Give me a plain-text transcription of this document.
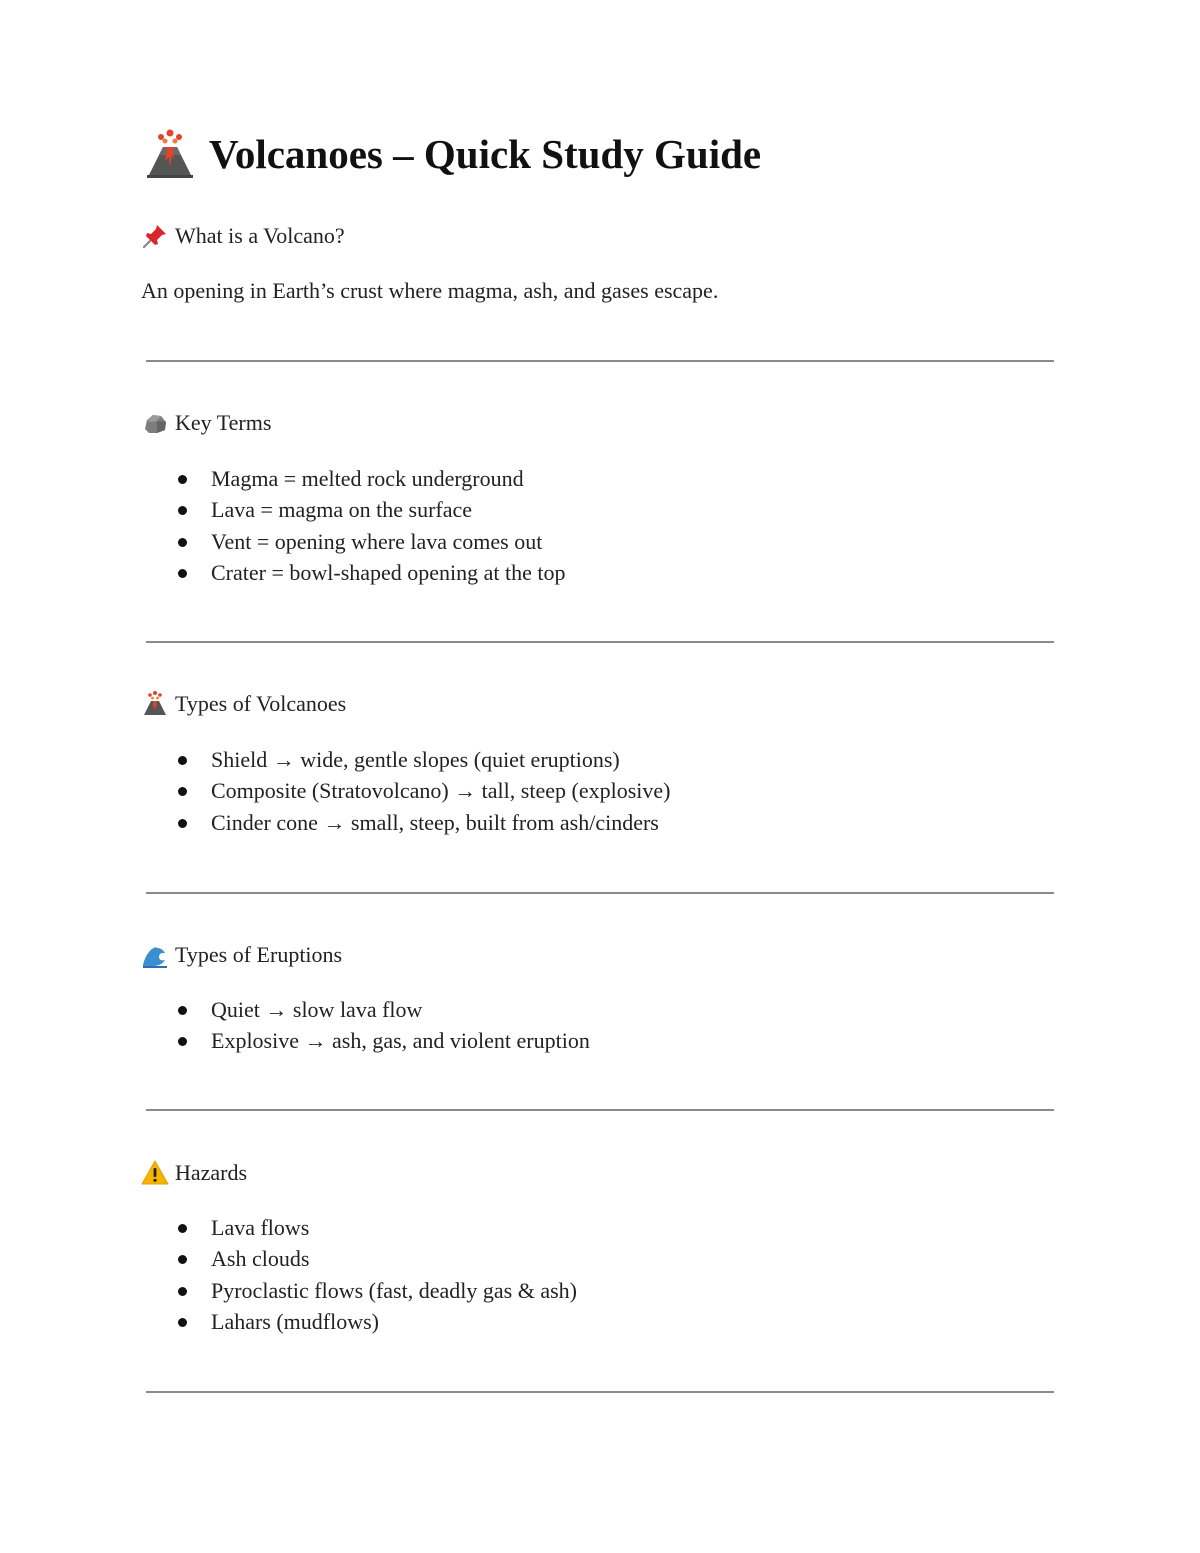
Volcanoes – Quick Study Guide
What is a Volcano?
An opening in Earth’s crust where magma, ash, and gases escape.
Key Terms
Magma = melted rock underground
Lava = magma on the surface
Vent = opening where lava comes out
Crater = bowl-shaped opening at the top
Types of Volcanoes
Shield → wide, gentle slopes (quiet eruptions)
Composite (Stratovolcano) → tall, steep (explosive)
Cinder cone → small, steep, built from ash/cinders
Types of Eruptions
Quiet → slow lava flow
Explosive → ash, gas, and violent eruption
Hazards
Lava flows
Ash clouds
Pyroclastic flows (fast, deadly gas & ash)
Lahars (mudflows)
